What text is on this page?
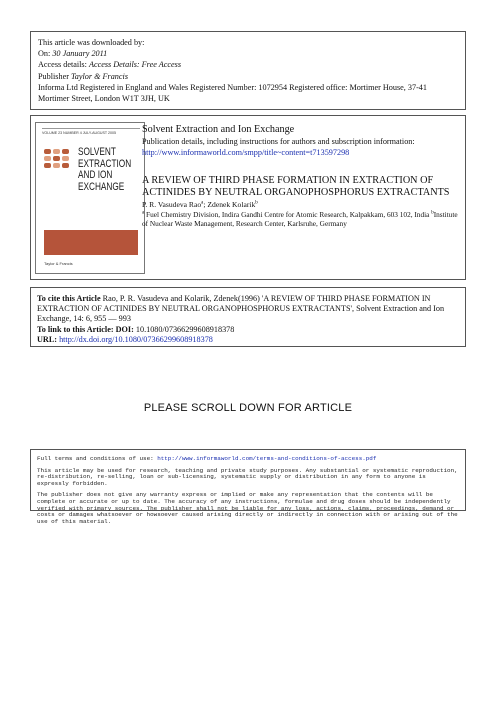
This article was downloaded by:

On: 30 January 2011

Access details: Access Details: Free Access

Publisher Taylor & Francis

Informa Ltd Registered in England and Wales Registered Number: 1072954 Registered office: Mortimer House, 37-41 Mortimer Street, London W1T 3JH, UK

VOLUME 23 NUMBER 4 JULY-AUGUST 2005
SOLVENT
EXTRACTION
AND ION
EXCHANGE
Taylor & Francis
Solvent Extraction and Ion Exchange
Publication details, including instructions for authors and subscription information:
http://www.informaworld.com/smpp/title~content=t713597298
A REVIEW OF THIRD PHASE FORMATION IN EXTRACTION OF ACTINIDES BY NEUTRAL ORGANOPHOSPHORUS EXTRACTANTS
P. R. Vasudeva Rao$^a$; Zdenek Kolarik$^b$
$^a$ Fuel Chemistry Division, Indira Gandhi Centre for Atomic Research, Kalpakkam, 603 102, India $^b$Institute of Nuclear Waste Management, Research Center, Karlsruhe, Germany

To cite this Article Rao, P. R. Vasudeva and Kolarik, Zdenek(1996) 'A REVIEW OF THIRD PHASE FORMATION IN EXTRACTION OF ACTINIDES BY NEUTRAL ORGANOPHOSPHORUS EXTRACTANTS', Solvent Extraction and Ion Exchange, 14: 6, 955 — 993

To link to this Article: DOI: 10.1080/07366299608918378

URL: http://dx.doi.org/10.1080/07366299608918378

PLEASE SCROLL DOWN FOR ARTICLE

Full terms and conditions of use: http://www.informaworld.com/terms-and-conditions-of-access.pdf

This article may be used for research, teaching and private study purposes. Any substantial or systematic reproduction, re-distribution, re-selling, loan or sub-licensing, systematic supply or distribution in any form to anyone is expressly forbidden.

The publisher does not give any warranty express or implied or make any representation that the contents will be complete or accurate or up to date. The accuracy of any instructions, formulae and drug doses should be independently verified with primary sources. The publisher shall not be liable for any loss, actions, claims, proceedings, demand or costs or damages whatsoever or howsoever caused arising directly or indirectly in connection with or arising out of the use of this material.
